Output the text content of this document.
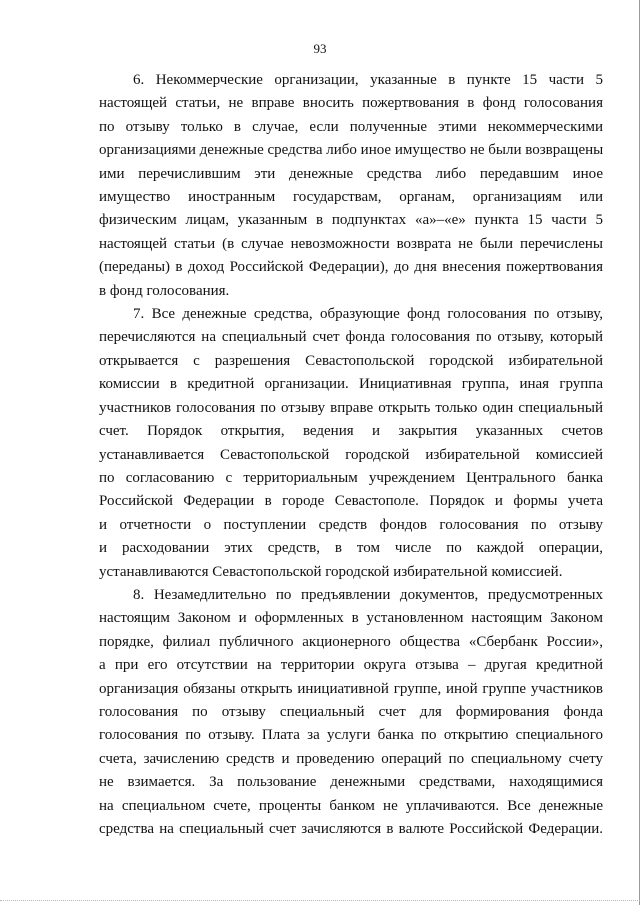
93

6. Некоммерческие организации, указанные в пункте 15 части 5
настоящей статьи, не вправе вносить пожертвования в фонд голосования
по отзыву только в случае, если полученные этими некоммерческими
организациями денежные средства либо иное имущество не были возвращены
ими перечислившим эти денежные средства либо передавшим иное
имущество иностранным государствам, органам, организациям или
физическим лицам, указанным в подпунктах «а»–«е» пункта 15 части 5
настоящей статьи (в случае невозможности возврата не были перечислены
(переданы) в доход Российской Федерации), до дня внесения пожертвования
в фонд голосования.

7. Все денежные средства, образующие фонд голосования по отзыву,
перечисляются на специальный счет фонда голосования по отзыву, который
открывается с разрешения Севастопольской городской избирательной
комиссии в кредитной организации. Инициативная группа, иная группа
участников голосования по отзыву вправе открыть только один специальный
счет. Порядок открытия, ведения и закрытия указанных счетов
устанавливается Севастопольской городской избирательной комиссией
по согласованию с территориальным учреждением Центрального банка
Российской Федерации в городе Севастополе. Порядок и формы учета
и отчетности о поступлении средств фондов голосования по отзыву
и расходовании этих средств, в том числе по каждой операции,
устанавливаются Севастопольской городской избирательной комиссией.

8. Незамедлительно по предъявлении документов, предусмотренных
настоящим Законом и оформленных в установленном настоящим Законом
порядке, филиал публичного акционерного общества «Сбербанк России»,
а при его отсутствии на территории округа отзыва – другая кредитной
организация обязаны открыть инициативной группе, иной группе участников
голосования по отзыву специальный счет для формирования фонда
голосования по отзыву. Плата за услуги банка по открытию специального
счета, зачислению средств и проведению операций по специальному счету
не взимается. За пользование денежными средствами, находящимися
на специальном счете, проценты банком не уплачиваются. Все денежные
средства на специальный счет зачисляются в валюте Российской Федерации.
